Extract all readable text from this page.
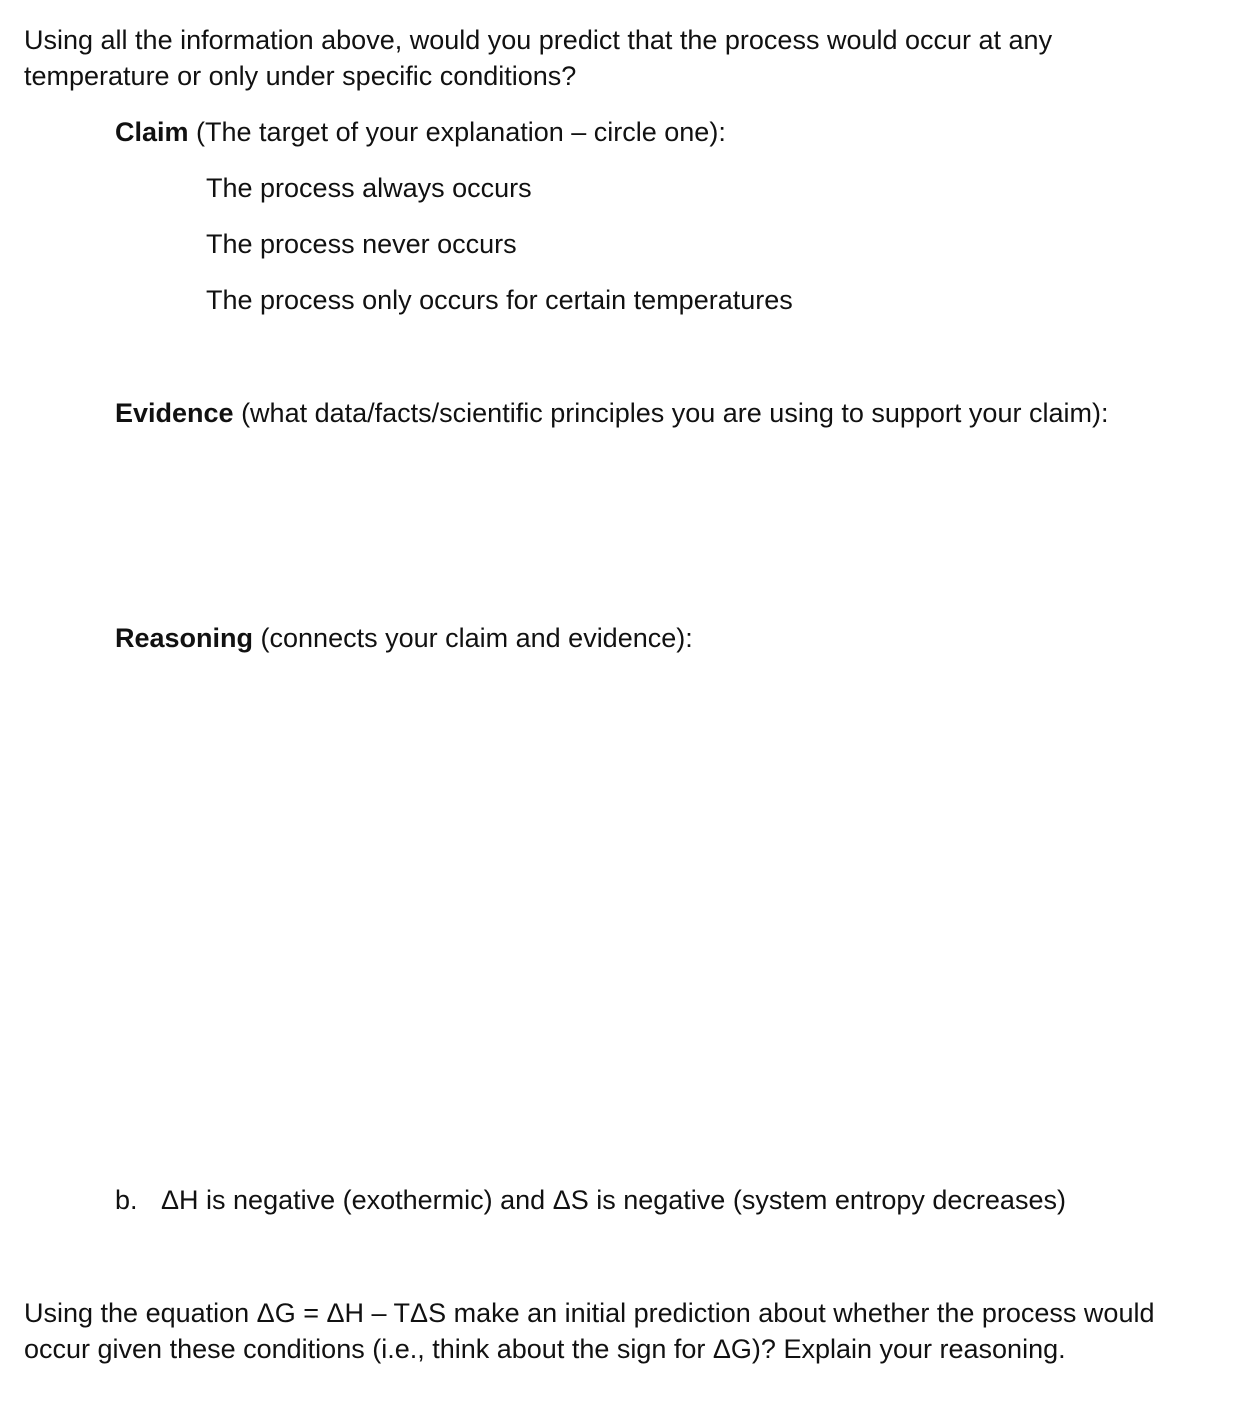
Using all the information above, would you predict that the process would occur at any

temperature or only under specific conditions?

Claim (The target of your explanation – circle one):

The process always occurs

The process never occurs

The process only occurs for certain temperatures

Evidence (what data/facts/scientific principles you are using to support your claim):

Reasoning (connects your claim and evidence):

b. ΔH is negative (exothermic) and ΔS is negative (system entropy decreases)

Using the equation ΔG = ΔH – TΔS make an initial prediction about whether the process would

occur given these conditions (i.e., think about the sign for ΔG)? Explain your reasoning.
